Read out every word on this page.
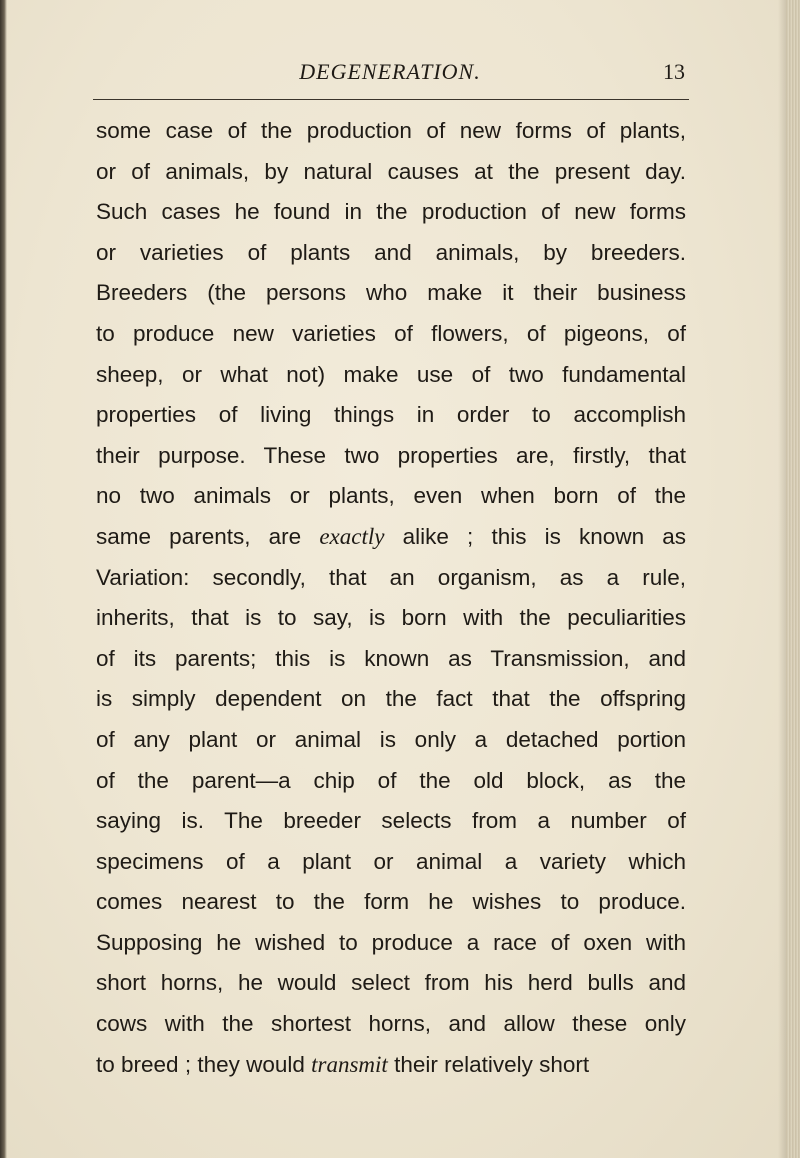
DEGENERATION.	13
some case of the production of new forms of plants,
or of animals, by natural causes at the present day.
Such cases he found in the production of new forms
or varieties of plants and animals, by breeders.
Breeders (the persons who make it their business
to produce new varieties of flowers, of pigeons, of
sheep, or what not) make use of two fundamental
properties of living things in order to accomplish
their purpose. These two properties are, firstly, that
no two animals or plants, even when born of the
same parents, are exactly alike ; this is known as
Variation: secondly, that an organism, as a rule,
inherits, that is to say, is born with the peculiarities
of its parents; this is known as Transmission, and
is simply dependent on the fact that the offspring
of any plant or animal is only a detached portion
of the parent—a chip of the old block, as the
saying is. The breeder selects from a number of
specimens of a plant or animal a variety which
comes nearest to the form he wishes to produce.
Supposing he wished to produce a race of oxen with
short horns, he would select from his herd bulls and
cows with the shortest horns, and allow these only
to breed ; they would transmit their relatively short
